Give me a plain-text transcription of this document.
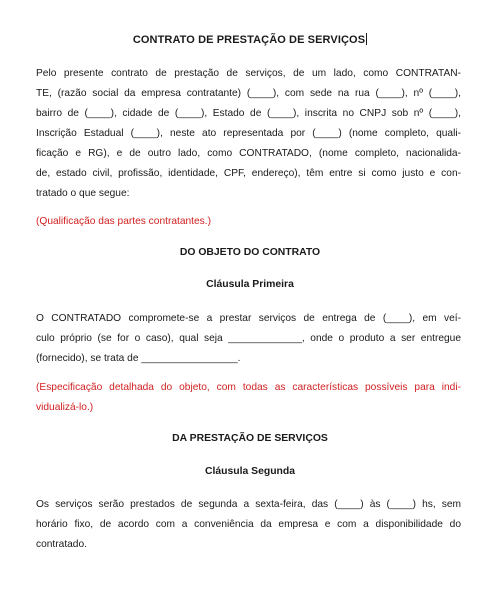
CONTRATO DE PRESTAÇÃO DE SERVIÇOS
Pelo presente contrato de prestação de serviços, de um lado, como CONTRATAN-
TE, (razão social da empresa contratante) (____), com sede na rua (____), nº (____),
bairro de (____), cidade de (____), Estado de (____), inscrita no CNPJ sob nº (____),
Inscrição Estadual (____), neste ato representada por (____) (nome completo, quali-
ficação e RG), e de outro lado, como CONTRATADO, (nome completo, nacionalida-
de, estado civil, profissão, identidade, CPF, endereço), têm entre si como justo e con-
tratado o que segue:
(Qualificação das partes contratantes.)
DO OBJETO DO CONTRATO
Cláusula Primeira
O CONTRATADO compromete-se a prestar serviços de entrega de (____), em veí-
culo próprio (se for o caso), qual seja _____________, onde o produto a ser entregue
(fornecido), se trata de _________________.
(Especificação detalhada do objeto, com todas as características possíveis para indi-
vidualizá-lo.)
DA PRESTAÇÃO DE SERVIÇOS
Cláusula Segunda
Os serviços serão prestados de segunda a sexta-feira, das (____) às (____) hs, sem
horário fixo, de acordo com a conveniência da empresa e com a disponibilidade do
contratado.
